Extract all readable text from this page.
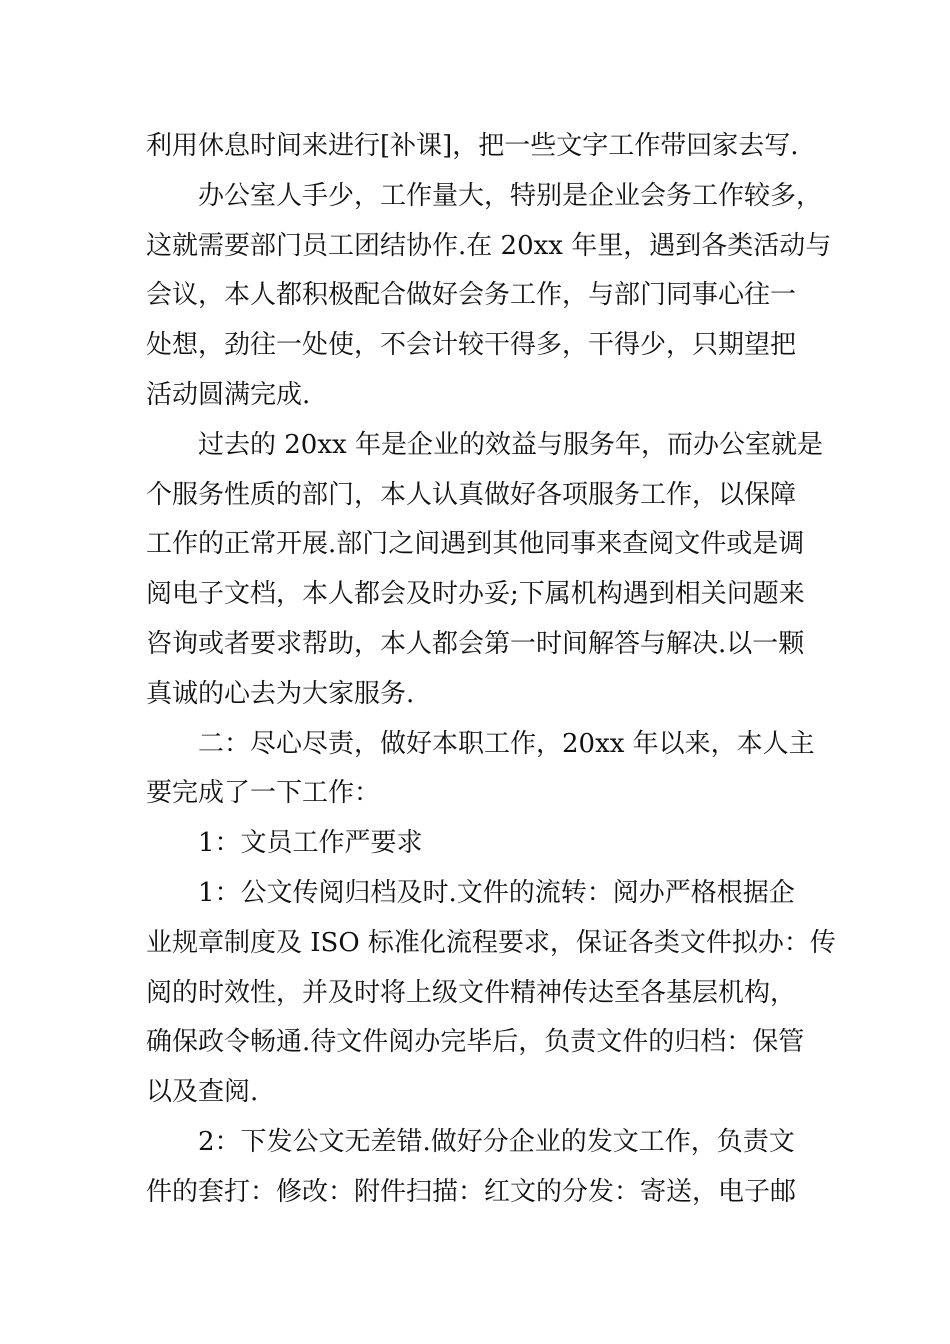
利用休息时间来进行[补课]，把一些文字工作带回家去写.

办公室人手少，工作量大，特别是企业会务工作较多，
这就需要部门员工团结协作.在 20xx 年里，遇到各类活动与
会议，本人都积极配合做好会务工作，与部门同事心往一
处想，劲往一处使，不会计较干得多，干得少，只期望把
活动圆满完成.

过去的 20xx 年是企业的效益与服务年，而办公室就是
个服务性质的部门，本人认真做好各项服务工作，以保障
工作的正常开展.部门之间遇到其他同事来查阅文件或是调
阅电子文档，本人都会及时办妥;下属机构遇到相关问题来
咨询或者要求帮助，本人都会第一时间解答与解决.以一颗
真诚的心去为大家服务.

二：尽心尽责，做好本职工作，20xx 年以来，本人主
要完成了一下工作：

1：文员工作严要求

1：公文传阅归档及时.文件的流转：阅办严格根据企
业规章制度及 ISO 标准化流程要求，保证各类文件拟办：传
阅的时效性，并及时将上级文件精神传达至各基层机构，
确保政令畅通.待文件阅办完毕后，负责文件的归档：保管
以及查阅.

2：下发公文无差错.做好分企业的发文工作，负责文
件的套打：修改：附件扫描：红文的分发：寄送，电子邮
